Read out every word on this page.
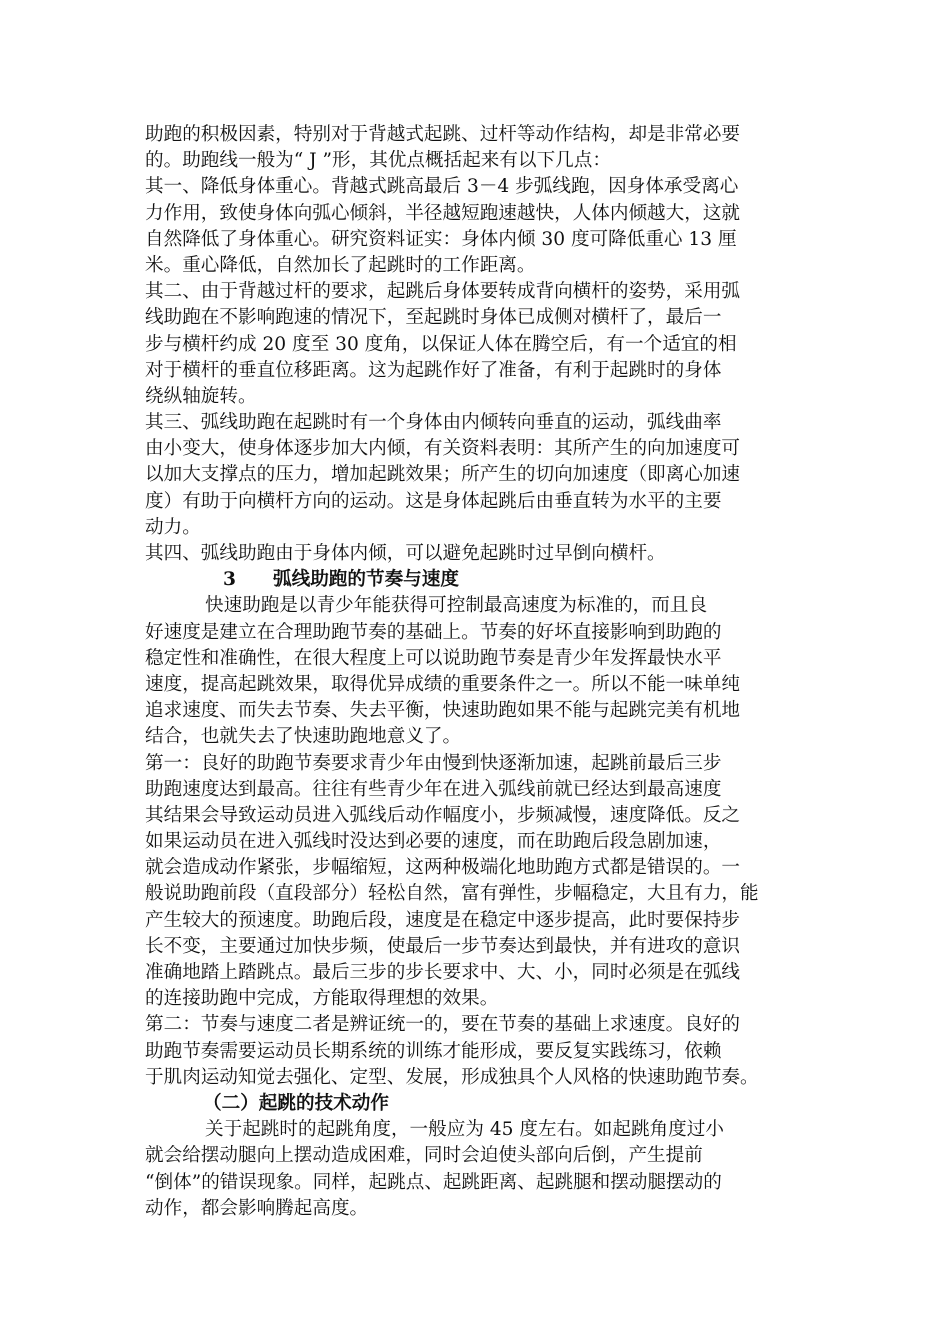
助跑的积极因素，特别对于背越式起跳、过杆等动作结构，却是非常必要
的。助跑线一般为“ J ”形，其优点概括起来有以下几点：
其一、降低身体重心。背越式跳高最后 3－4 步弧线跑，因身体承受离心
力作用，致使身体向弧心倾斜，半径越短跑速越快，人体内倾越大，这就
自然降低了身体重心。研究资料证实：身体内倾 30 度可降低重心 13 厘
米。重心降低，自然加长了起跳时的工作距离。
其二、由于背越过杆的要求，起跳后身体要转成背向横杆的姿势，采用弧
线助跑在不影响跑速的情况下，至起跳时身体已成侧对横杆了，最后一
步与横杆约成 20 度至 30 度角，以保证人体在腾空后，有一个适宜的相
对于横杆的垂直位移距离。这为起跳作好了准备，有利于起跳时的身体
绕纵轴旋转。
其三、弧线助跑在起跳时有一个身体由内倾转向垂直的运动，弧线曲率
由小变大，使身体逐步加大内倾，有关资料表明：其所产生的向加速度可
以加大支撑点的压力，增加起跳效果；所产生的切向加速度（即离心加速
度）有助于向横杆方向的运动。这是身体起跳后由垂直转为水平的主要
动力。
其四、弧线助跑由于身体内倾，可以避免起跳时过早倒向横杆。
3 弧线助跑的节奏与速度
快速助跑是以青少年能获得可控制最高速度为标准的，而且良
好速度是建立在合理助跑节奏的基础上。节奏的好坏直接影响到助跑的
稳定性和准确性，在很大程度上可以说助跑节奏是青少年发挥最快水平
速度，提高起跳效果，取得优异成绩的重要条件之一。所以不能一味单纯
追求速度、而失去节奏、失去平衡，快速助跑如果不能与起跳完美有机地
结合，也就失去了快速助跑地意义了。
第一：良好的助跑节奏要求青少年由慢到快逐渐加速，起跳前最后三步
助跑速度达到最高。往往有些青少年在进入弧线前就已经达到最高速度
其结果会导致运动员进入弧线后动作幅度小，步频减慢，速度降低。反之
如果运动员在进入弧线时没达到必要的速度，而在助跑后段急剧加速，
就会造成动作紧张，步幅缩短，这两种极端化地助跑方式都是错误的。一
般说助跑前段（直段部分）轻松自然，富有弹性，步幅稳定，大且有力，能
产生较大的预速度。助跑后段，速度是在稳定中逐步提高，此时要保持步
长不变，主要通过加快步频，使最后一步节奏达到最快，并有进攻的意识
准确地踏上踏跳点。最后三步的步长要求中、大、小，同时必须是在弧线
的连接助跑中完成，方能取得理想的效果。
第二：节奏与速度二者是辨证统一的，要在节奏的基础上求速度。良好的
助跑节奏需要运动员长期系统的训练才能形成，要反复实践练习，依赖
于肌肉运动知觉去强化、定型、发展，形成独具个人风格的快速助跑节奏。
（二）起跳的技术动作
关于起跳时的起跳角度，一般应为 45 度左右。如起跳角度过小
就会给摆动腿向上摆动造成困难，同时会迫使头部向后倒，产生提前
“倒体”的错误现象。同样，起跳点、起跳距离、起跳腿和摆动腿摆动的
动作，都会影响腾起高度。
